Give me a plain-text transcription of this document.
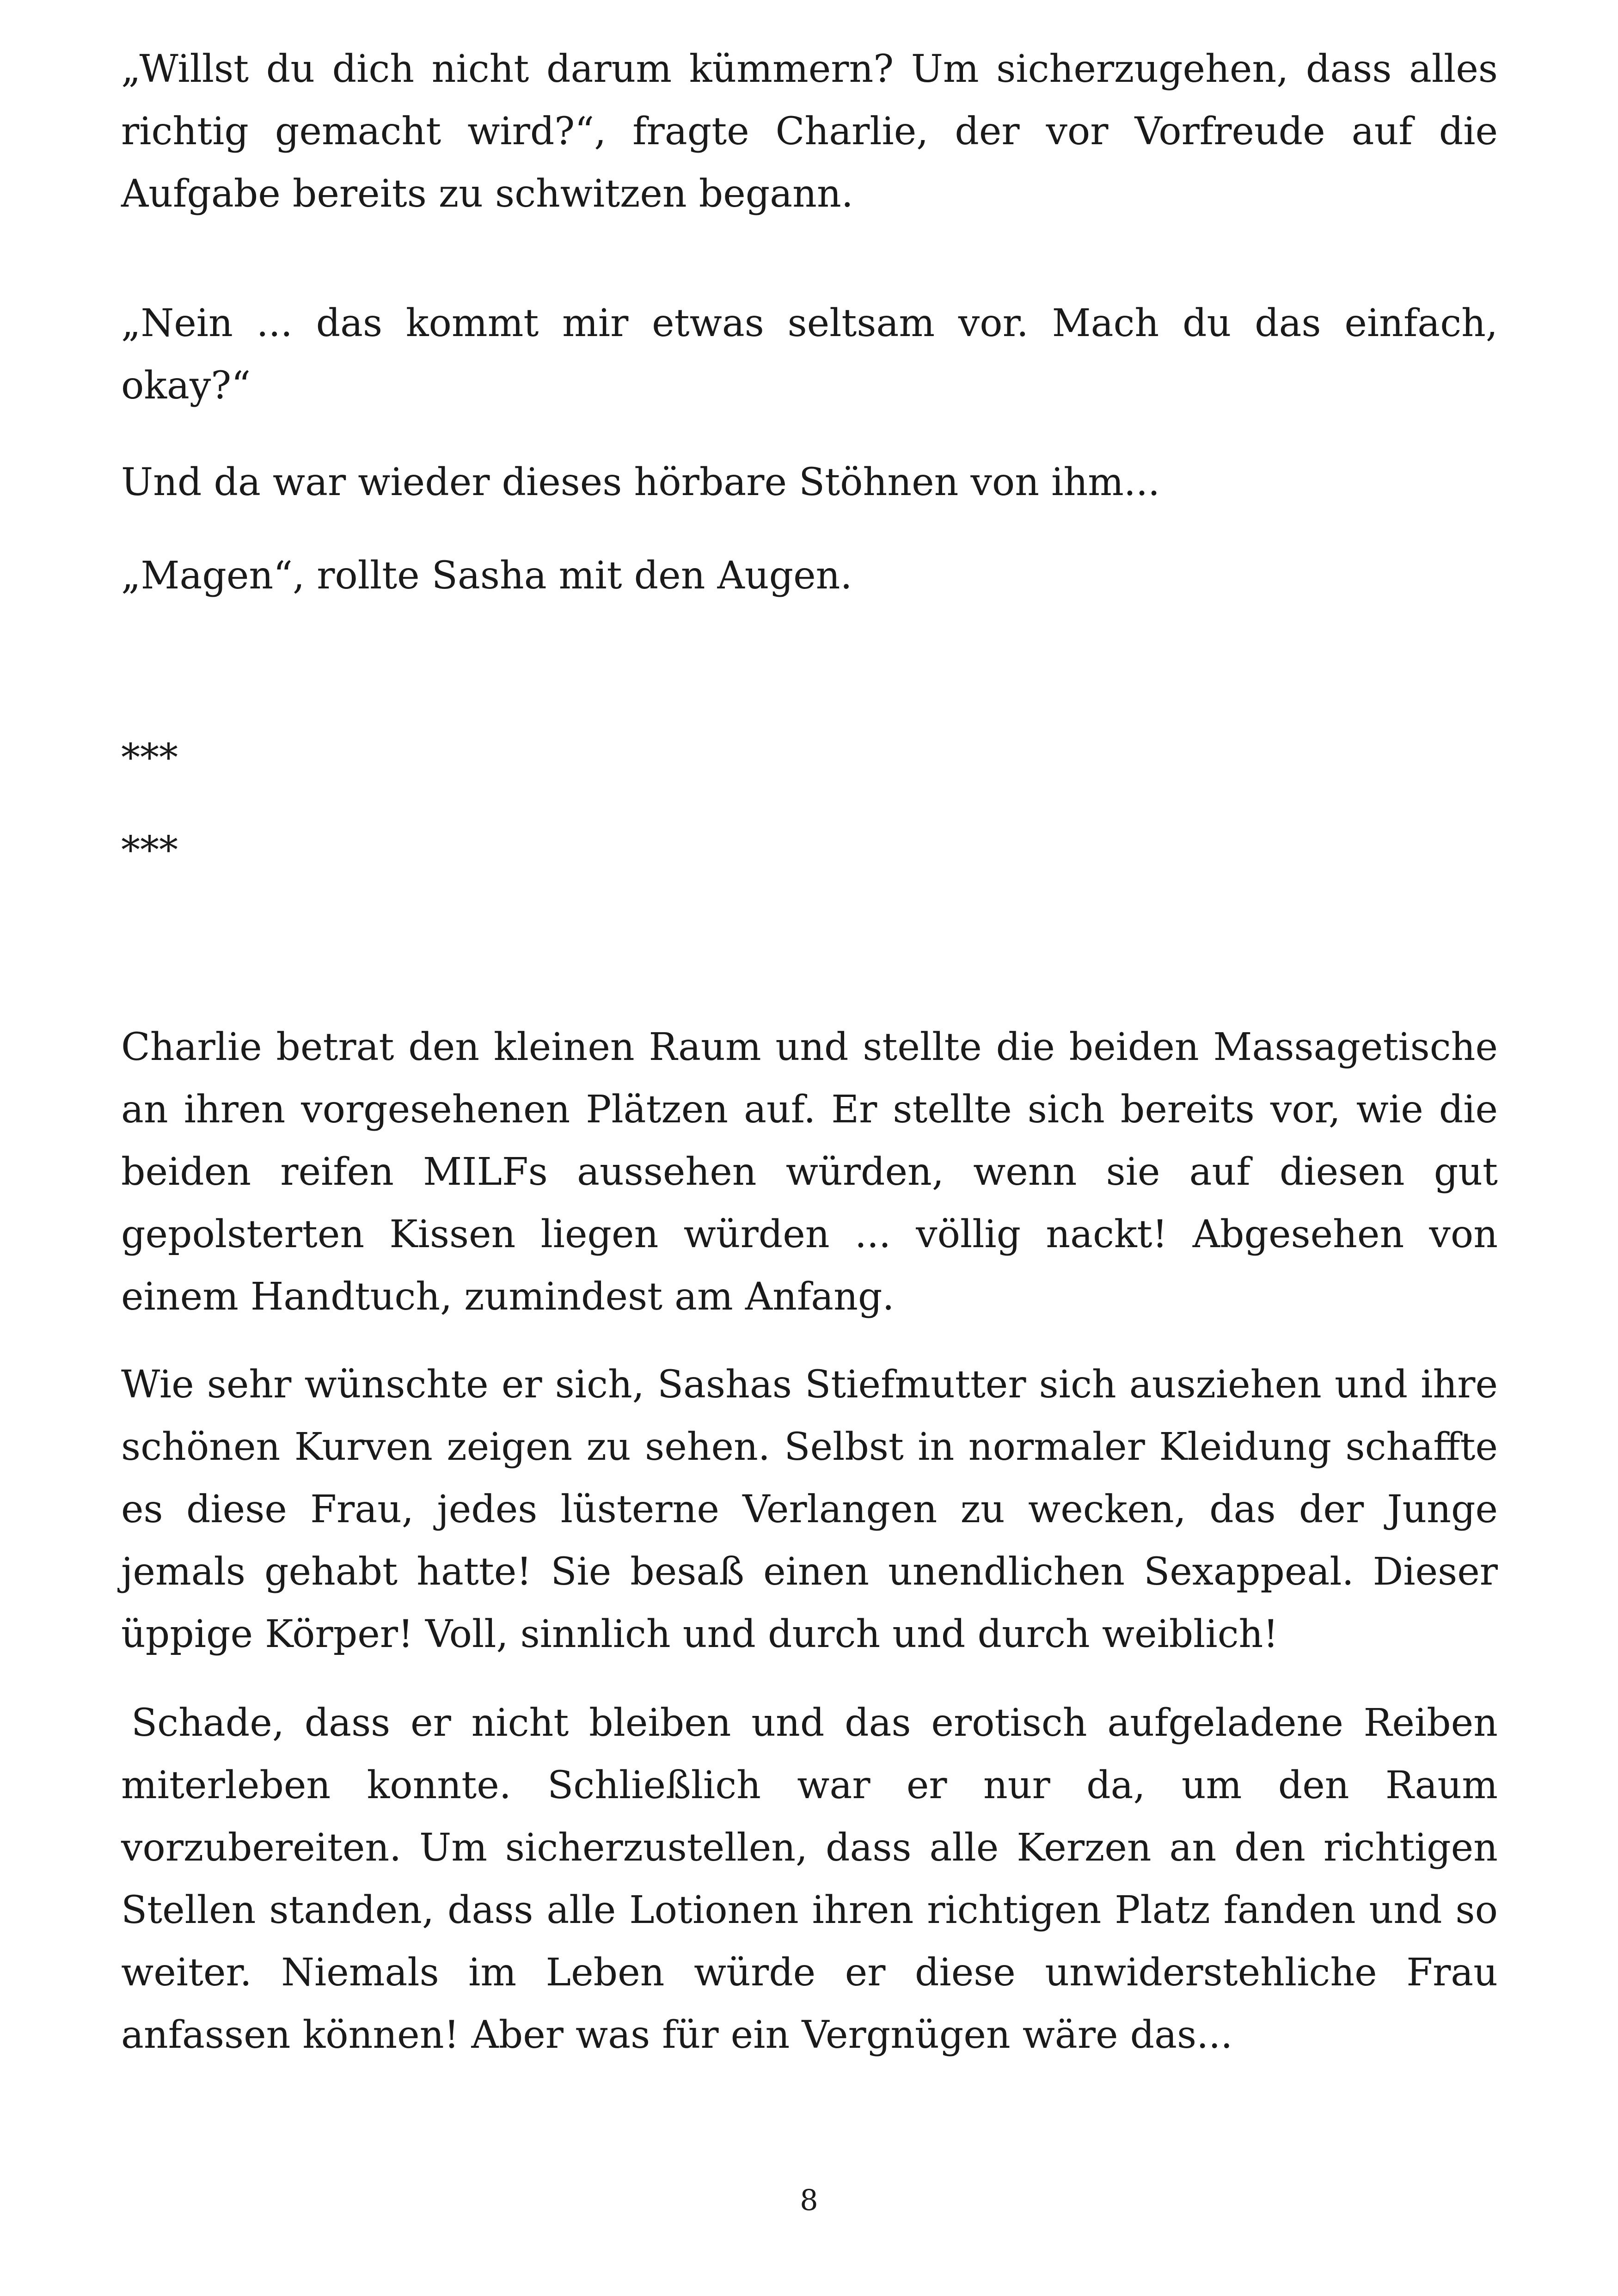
„Willst du dich nicht darum kümmern? Um sicherzugehen, dass alles richtig gemacht wird?“, fragte Charlie, der vor Vorfreude auf die Aufgabe bereits zu schwitzen begann.

„Nein ... das kommt mir etwas seltsam vor. Mach du das einfach, okay?“

Und da war wieder dieses hörbare Stöhnen von ihm...

„Magen“, rollte Sasha mit den Augen.

***

***

Charlie betrat den kleinen Raum und stellte die beiden Massagetische an ihren vorgesehenen Plätzen auf. Er stellte sich bereits vor, wie die beiden reifen MILFs aussehen würden, wenn sie auf diesen gut gepolsterten Kissen liegen würden ... völlig nackt! Abgesehen von einem Handtuch, zumindest am Anfang.

Wie sehr wünschte er sich, Sashas Stiefmutter sich ausziehen und ihre schönen Kurven zeigen zu sehen. Selbst in normaler Kleidung schaffte es diese Frau, jedes lüsterne Verlangen zu wecken, das der Junge jemals gehabt hatte! Sie besaß einen unendlichen Sexappeal. Dieser üppige Körper! Voll, sinnlich und durch und durch weiblich!

Schade, dass er nicht bleiben und das erotisch aufgeladene Reiben miterleben konnte. Schließlich war er nur da, um den Raum vorzubereiten. Um sicherzustellen, dass alle Kerzen an den richtigen Stellen standen, dass alle Lotionen ihren richtigen Platz fanden und so weiter. Niemals im Leben würde er diese unwiderstehliche Frau anfassen können! Aber was für ein Vergnügen wäre das...

8
